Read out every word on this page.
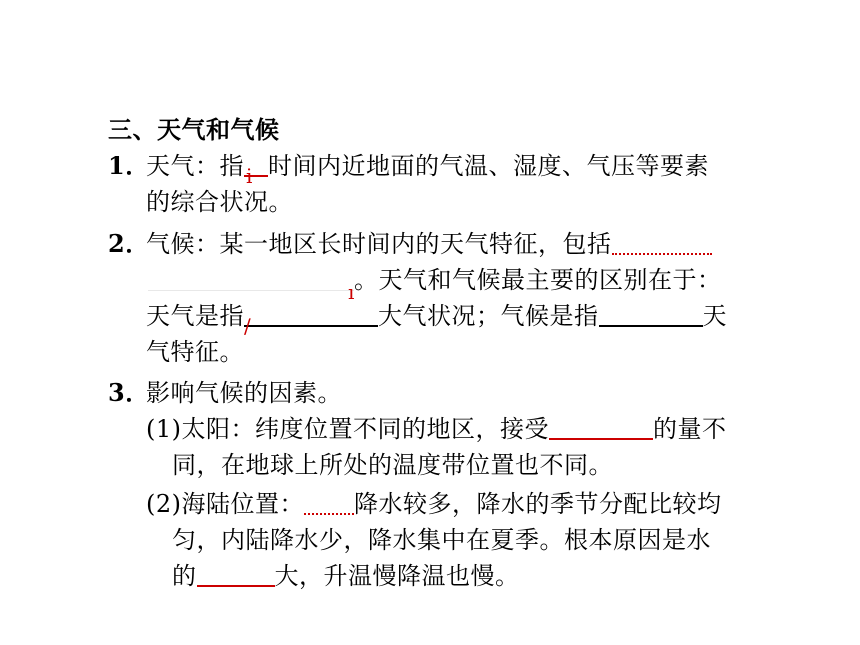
三、天气和气候
1．天气：指 i 时间内近地面的气温、湿度、气压等要素
的综合状况。
2．气候：某一地区长时间内的天气特征，包括
ı 。天气和气候最主要的区别在于：
天气是指 ∕	大气状况；气候是指	天
气特征。
3．影响气候的因素。
(1)太阳：纬度位置不同的地区，接受	的量不
同，在地球上所处的温度带位置也不同。
(2)海陆位置： 降水较多，降水的季节分配比较均
匀，内陆降水少，降水集中在夏季。根本原因是水
的	大，升温慢降温也慢。
